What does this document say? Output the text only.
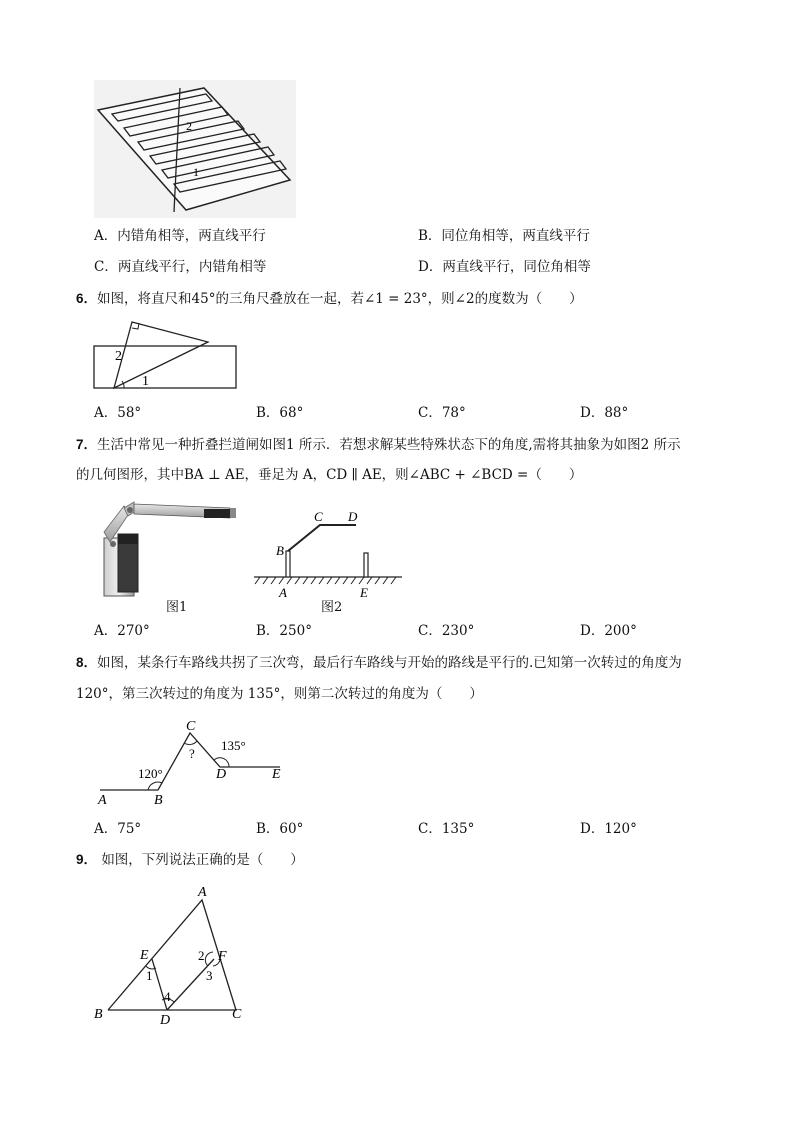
2
1
A．内错角相等，两直线平行	B．同位角相等，两直线平行
C．两直线平行，内错角相等	D．两直线平行，同位角相等
6．如图，将直尺和45°的三角尺叠放在一起，若∠1 = 23°，则∠2的度数为（　　）
2
1
A．58°	B．68°	C．78°	D．88°
7．生活中常见一种折叠拦道闸如图1 所示．若想求解某些特殊状态下的角度,需将其抽象为如图2 所示
的几何图形，其中BA ⊥ AE，垂足为 A，CD ∥ AE，则∠ABC + ∠BCD =（　　）
图1
C D
B
A	E
图2
A．270°	B．250°	C．230°	D．200°
8．如图，某条行车路线共拐了三次弯，最后行车路线与开始的路线是平行的.已知第一次转过的角度为
120°，第三次转过的角度为 135°，则第二次转过的角度为（　　）
C
135°
?
120°	D	E
A	B
A．75°	B．60°	C．135°	D．120°
9． 如图，下列说法正确的是（　　）
A
E	2 F
1	3
4
B	D	C
